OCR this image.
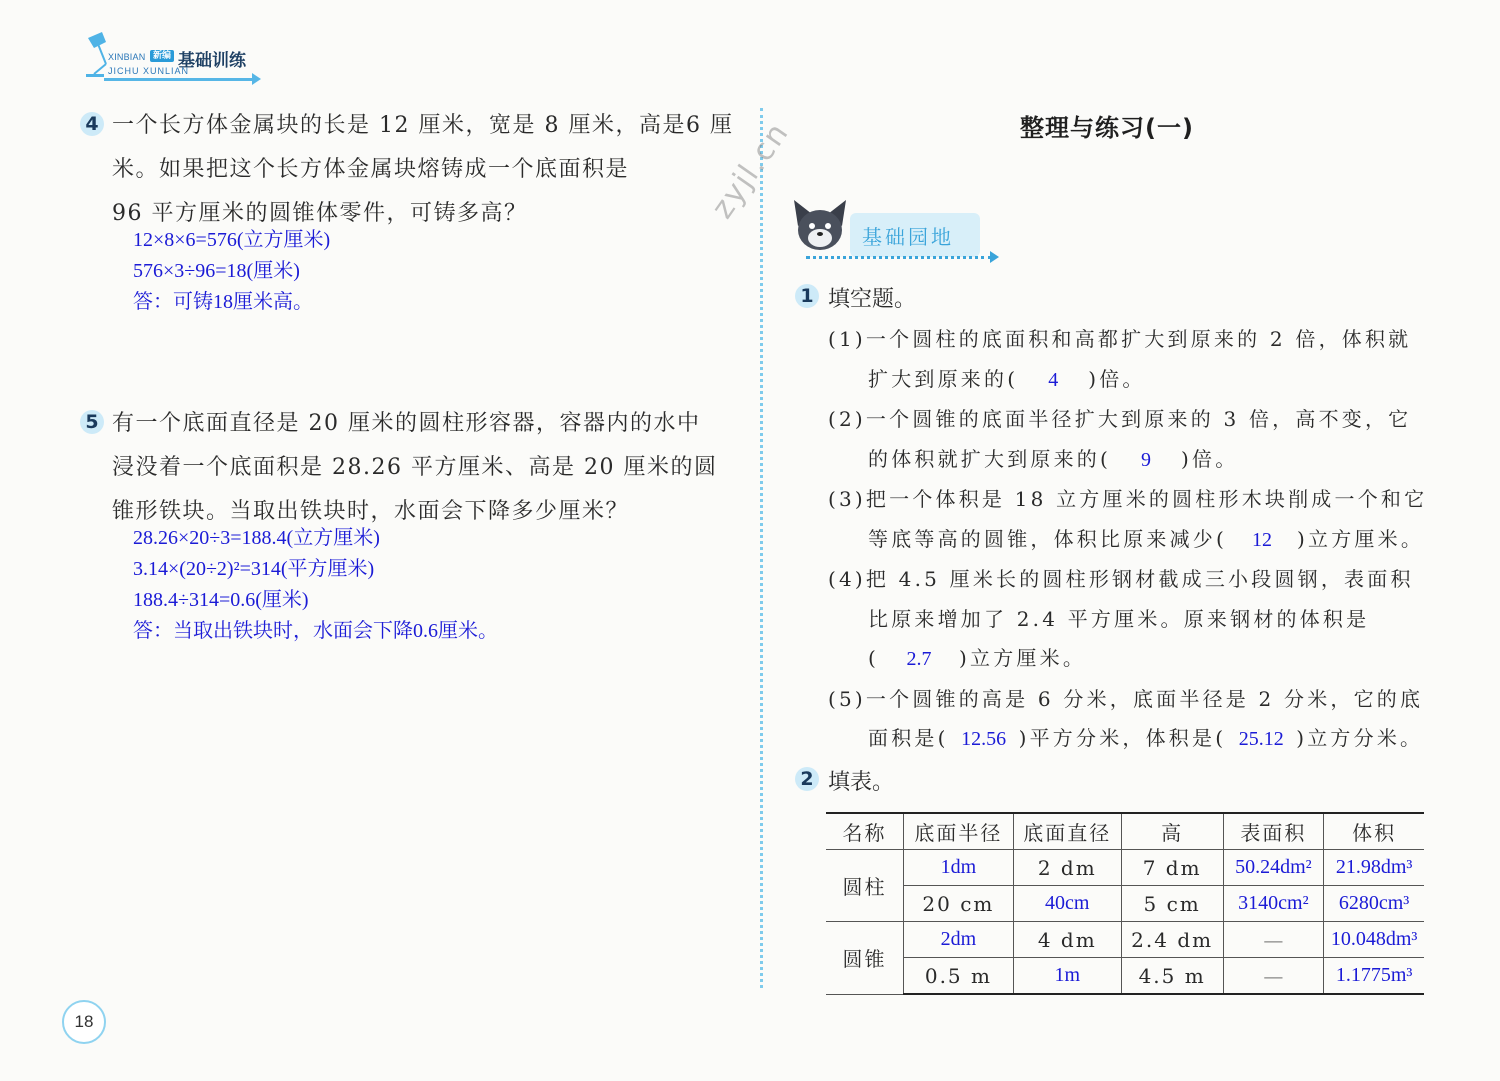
XINBIAN 新编 基础训练
JICHU XUNLIAN
4 一个长方体金属块的长是 12 厘米，宽是 8 厘米，高是6 厘
米。如果把这个长方体金属块熔铸成一个底面积是
96 平方厘米的圆锥体零件，可铸多高？
12×8×6=576(立方厘米)
576×3÷96=18(厘米)
答：可铸18厘米高。
5 有一个底面直径是 20 厘米的圆柱形容器，容器内的水中
浸没着一个底面积是 28.26 平方厘米、高是 20 厘米的圆
锥形铁块。当取出铁块时，水面会下降多少厘米？
28.26×20÷3=188.4(立方厘米)
3.14×(20÷2)²=314(平方厘米)
188.4÷314=0.6(厘米)
答：当取出铁块时，水面会下降0.6厘米。
zyjl.cn	整理与练习(一)
基础园地
1 填空题。
(1)一个圆柱的底面积和高都扩大到原来的 2 倍，体积就
扩大到原来的( 4 )倍。
(2)一个圆锥的底面半径扩大到原来的 3 倍，高不变，它
的体积就扩大到原来的( 9 )倍。
(3)把一个体积是 18 立方厘米的圆柱形木块削成一个和它
等底等高的圆锥，体积比原来减少( 12 )立方厘米。
(4)把 4.5 厘米长的圆柱形钢材截成三小段圆钢，表面积
比原来增加了 2.4 平方厘米。原来钢材的体积是
( 2.7 )立方厘米。
(5)一个圆锥的高是 6 分米，底面半径是 2 分米，它的底
面积是( 12.56 )平方分米，体积是( 25.12 )立方分米。
2 填表。
名称	底面半径	底面直径	高	表面积	体积
圆柱	1dm	2 dm	7 dm	50.24dm²	21.98dm³
	20 cm	40cm	5 cm	3140cm²	6280cm³
圆锥	2dm	4 dm	2.4 dm	—	10.048dm³
	0.5 m	1m	4.5 m	—	1.1775m³
18
